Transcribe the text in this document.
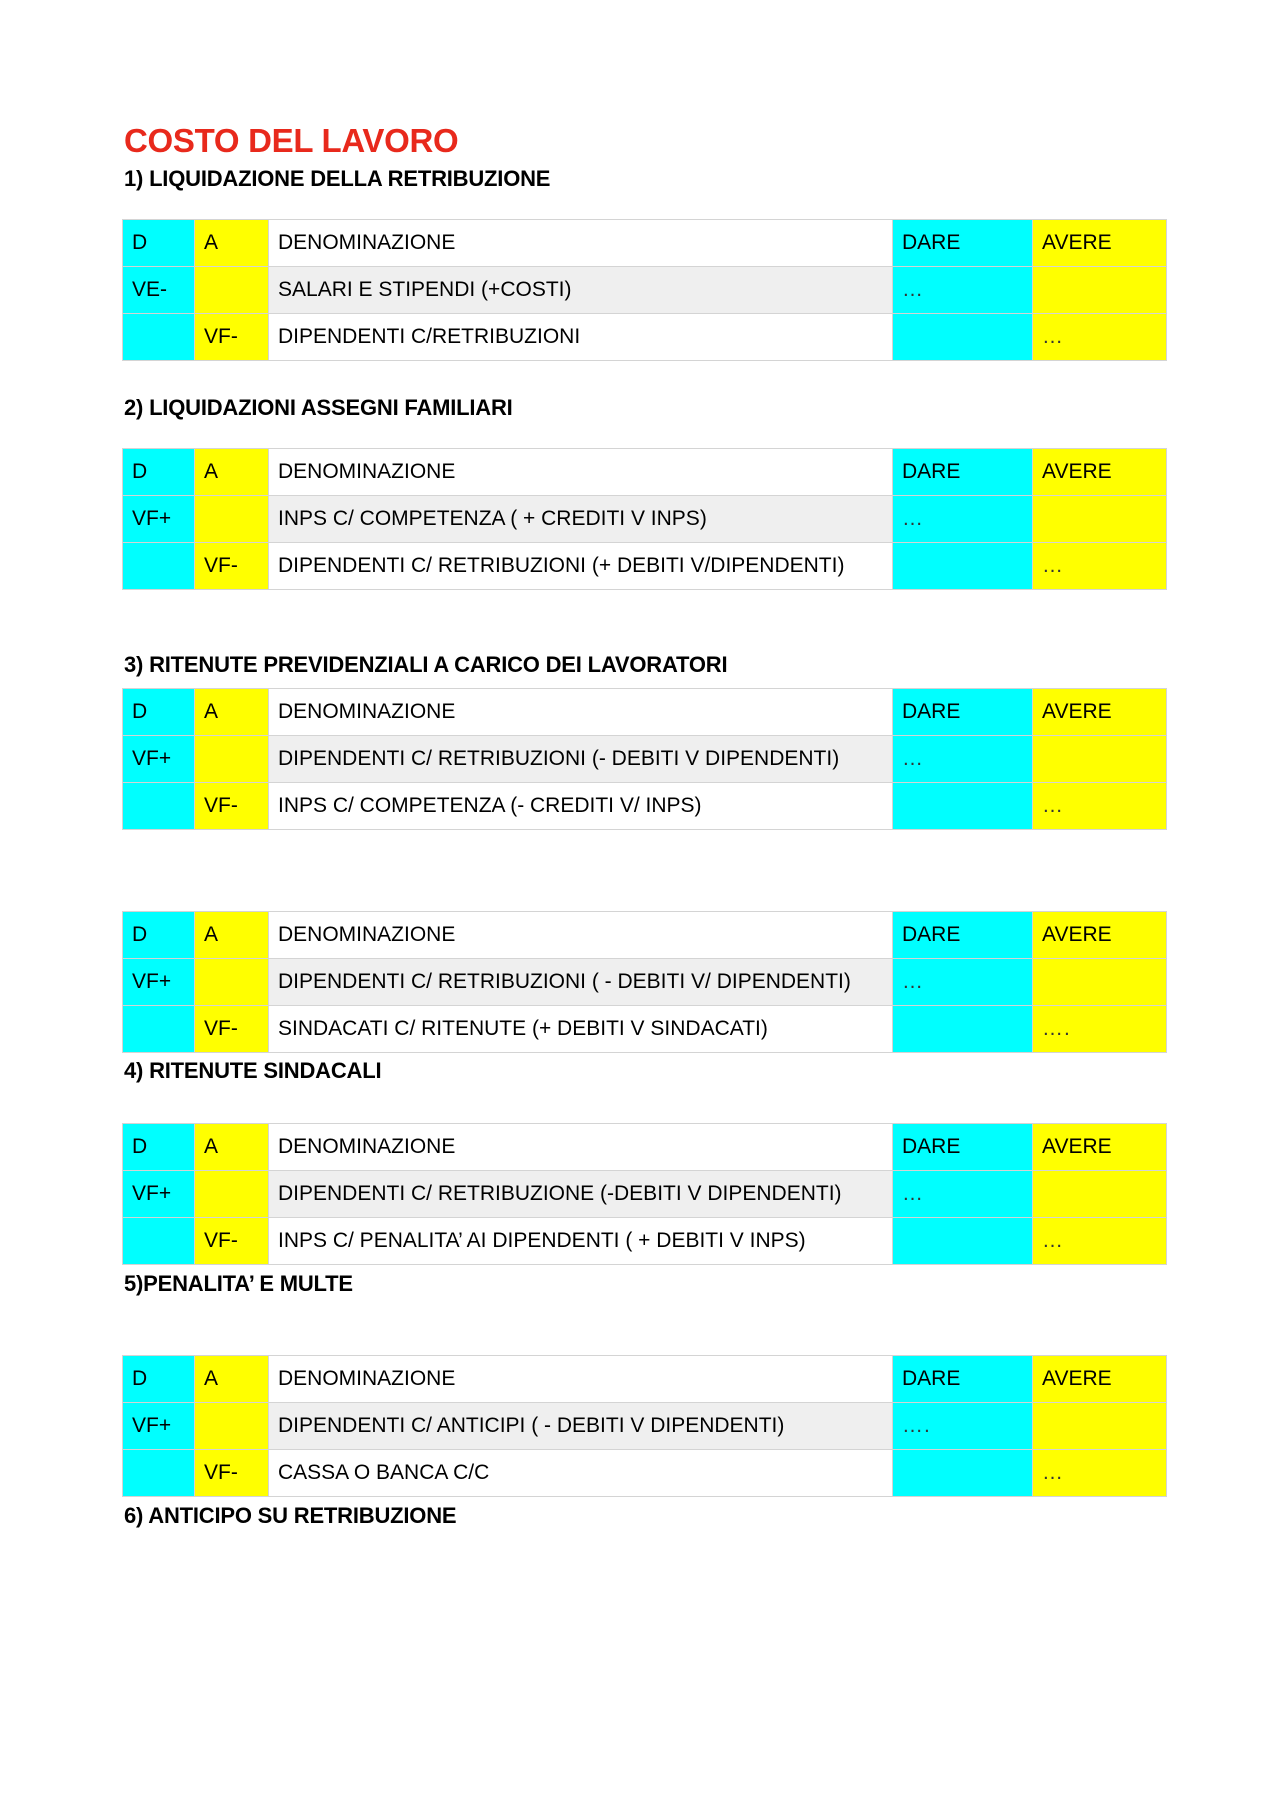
COSTO DEL LAVORO
1) LIQUIDAZIONE DELLA RETRIBUZIONE
D	A	DENOMINAZIONE	DARE	AVERE
VE-		SALARI E STIPENDI (+COSTI)	…	
	VF-	DIPENDENTI C/RETRIBUZIONI		…
2) LIQUIDAZIONI ASSEGNI FAMILIARI
D	A	DENOMINAZIONE	DARE	AVERE
VF+		INPS C/ COMPETENZA ( + CREDITI V INPS)	…	
	VF-	DIPENDENTI C/ RETRIBUZIONI (+ DEBITI V/DIPENDENTI)		…
3) RITENUTE PREVIDENZIALI A CARICO DEI LAVORATORI
D	A	DENOMINAZIONE	DARE	AVERE
VF+		DIPENDENTI C/ RETRIBUZIONI (- DEBITI V DIPENDENTI)	…	
	VF-	INPS C/ COMPETENZA (- CREDITI V/ INPS)		…
D	A	DENOMINAZIONE	DARE	AVERE
VF+		DIPENDENTI C/ RETRIBUZIONI ( - DEBITI V/ DIPENDENTI)	…	
	VF-	SINDACATI C/ RITENUTE (+ DEBITI V SINDACATI)		….
4) RITENUTE SINDACALI
D	A	DENOMINAZIONE	DARE	AVERE
VF+		DIPENDENTI C/ RETRIBUZIONE (-DEBITI V DIPENDENTI)	…	
	VF-	INPS C/ PENALITA’ AI DIPENDENTI ( + DEBITI V INPS)		…
5)PENALITA’ E MULTE
D	A	DENOMINAZIONE	DARE	AVERE
VF+		DIPENDENTI C/ ANTICIPI ( - DEBITI V DIPENDENTI)	….	
	VF-	CASSA O BANCA C/C		…
6) ANTICIPO SU RETRIBUZIONE
